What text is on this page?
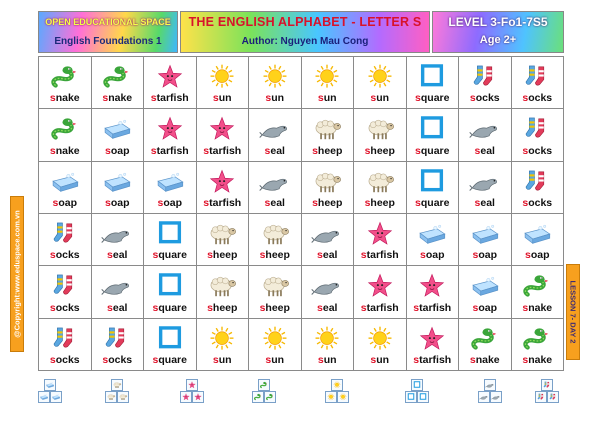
OPEN EDUCATIONAL SPACE
English Foundations 1
THE ENGLISH ALPHABET - LETTER S
Author: Nguyen Mau Cong
LEVEL 3-Fo1-7S5
Age 2+
@Copyright:www.eduspace.com.vn	LESSON 7- DAY 2
snake	snake	starfish	sun	sun	sun	sun	square	socks	socks
snake	soap	starfish	starfish	seal	sheep	sheep	square	seal	socks
soap	soap	soap	starfish	seal	sheep	sheep	square	seal	socks
socks	seal	square	sheep	sheep	seal	starfish	soap	soap	soap
socks	seal	square	sheep	sheep	seal	starfish	starfish	soap	snake
socks	socks	square	sun	sun	sun	sun	starfish	snake	snake
